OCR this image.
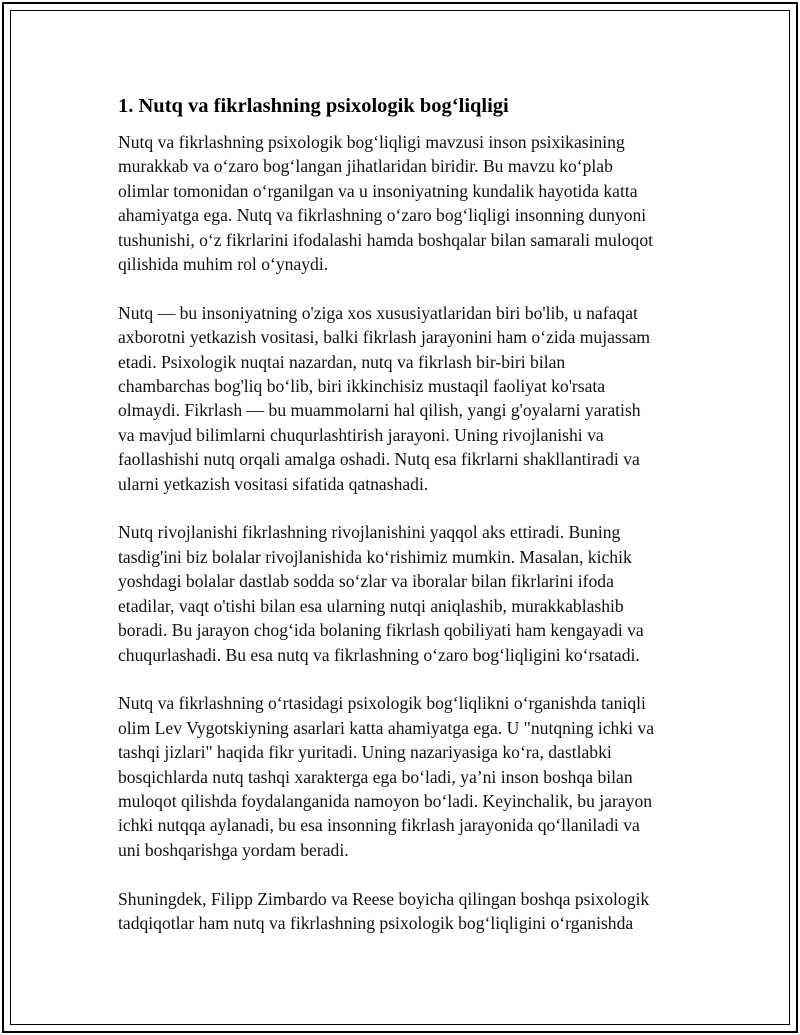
1. Nutq va fikrlashning psixologik bog‘liqligi

Nutq va fikrlashning psixologik bog‘liqligi mavzusi inson psixikasining
murakkab va o‘zaro bog‘langan jihatlaridan biridir. Bu mavzu ko‘plab
olimlar tomonidan o‘rganilgan va u insoniyatning kundalik hayotida katta
ahamiyatga ega. Nutq va fikrlashning o‘zaro bog‘liqligi insonning dunyoni
tushunishi, o‘z fikrlarini ifodalashi hamda boshqalar bilan samarali muloqot
qilishida muhim rol o‘ynaydi.

Nutq — bu insoniyatning o'ziga xos xususiyatlaridan biri bo'lib, u nafaqat
axborotni yetkazish vositasi, balki fikrlash jarayonini ham o‘zida mujassam
etadi. Psixologik nuqtai nazardan, nutq va fikrlash bir-biri bilan
chambarchas bog'liq bo‘lib, biri ikkinchisiz mustaqil faoliyat ko'rsata
olmaydi. Fikrlash — bu muammolarni hal qilish, yangi g'oyalarni yaratish
va mavjud bilimlarni chuqurlashtirish jarayoni. Uning rivojlanishi va
faollashishi nutq orqali amalga oshadi. Nutq esa fikrlarni shakllantiradi va
ularni yetkazish vositasi sifatida qatnashadi.

Nutq rivojlanishi fikrlashning rivojlanishini yaqqol aks ettiradi. Buning
tasdig'ini biz bolalar rivojlanishida ko‘rishimiz mumkin. Masalan, kichik
yoshdagi bolalar dastlab sodda so‘zlar va iboralar bilan fikrlarini ifoda
etadilar, vaqt o'tishi bilan esa ularning nutqi aniqlashib, murakkablashib
boradi. Bu jarayon chog‘ida bolaning fikrlash qobiliyati ham kengayadi va
chuqurlashadi. Bu esa nutq va fikrlashning o‘zaro bog‘liqligini ko‘rsatadi.

Nutq va fikrlashning o‘rtasidagi psixologik bog‘liqlikni o‘rganishda taniqli
olim Lev Vygotskiyning asarlari katta ahamiyatga ega. U "nutqning ichki va
tashqi jizlari" haqida fikr yuritadi. Uning nazariyasiga ko‘ra, dastlabki
bosqichlarda nutq tashqi xarakterga ega bo‘ladi, ya’ni inson boshqa bilan
muloqot qilishda foydalanganida namoyon bo‘ladi. Keyinchalik, bu jarayon
ichki nutqqa aylanadi, bu esa insonning fikrlash jarayonida qo‘llaniladi va
uni boshqarishga yordam beradi.

Shuningdek, Filipp Zimbardo va Reese boyicha qilingan boshqa psixologik
tadqiqotlar ham nutq va fikrlashning psixologik bog‘liqligini o‘rganishda
